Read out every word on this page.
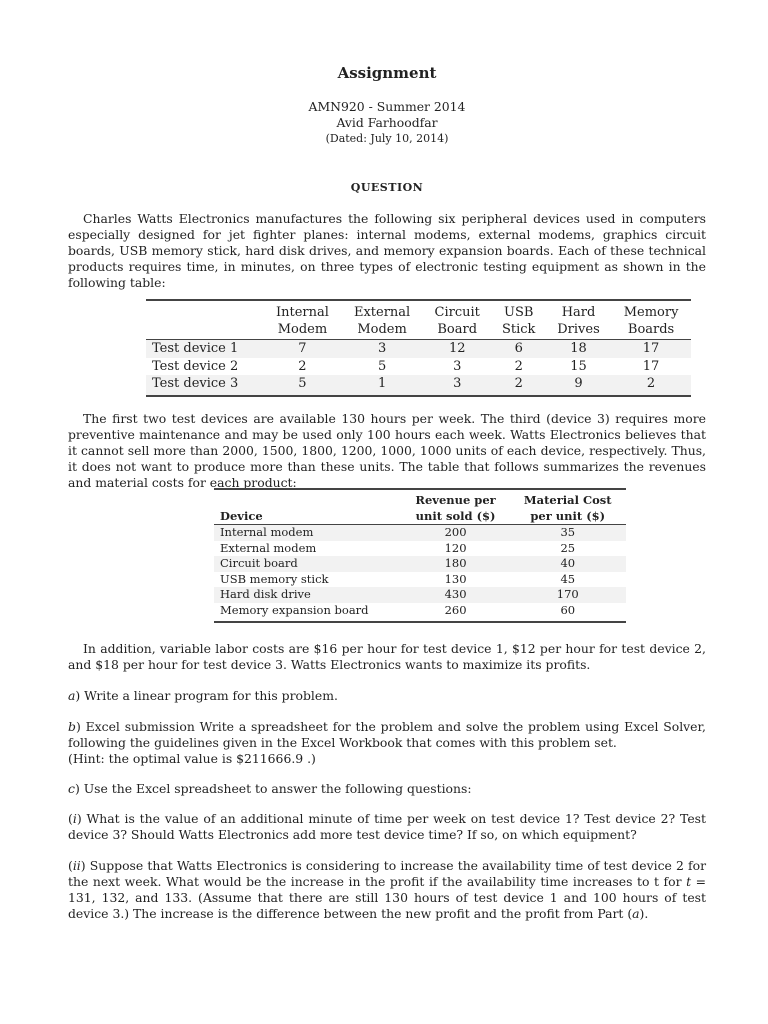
Assignment
AMN920 - Summer 2014
Avid Farhoodfar
(Dated: July 10, 2014)
QUESTION

Charles Watts Electronics manufactures the following six peripheral devices used in computers especially designed for jet fighter planes: internal modems, external modems, graphics circuit boards, USB memory stick, hard disk drives, and memory expansion boards. Each of these technical products requires time, in minutes, on three types of electronic testing equipment as shown in the following table:

	Internal	External	Circuit	USB	Hard	Memory
	Modem	Modem	Board	Stick	Drives	Boards
Test device 1	7	3	12	6	18	17
Test device 2	2	5	3	2	15	17
Test device 3	5	1	3	2	9	2

The first two test devices are available 130 hours per week. The third (device 3) requires more preventive maintenance and may be used only 100 hours each week. Watts Electronics believes that it cannot sell more than 2000, 1500, 1800, 1200, 1000, 1000 units of each device, respectively. Thus, it does not want to produce more than these units. The table that follows summarizes the revenues and material costs for each product:

	Revenue per	Material Cost
Device	unit sold ($)	per unit ($)
Internal modem	200	35
External modem	120	25
Circuit board	180	40
USB memory stick	130	45
Hard disk drive	430	170
Memory expansion board	260	60

In addition, variable labor costs are $16 per hour for test device 1, $12 per hour for test device 2, and $18 per hour for test device 3. Watts Electronics wants to maximize its profits.

a) Write a linear program for this problem.

b) Excel submission Write a spreadsheet for the problem and solve the problem using Excel Solver, following the guidelines given in the Excel Workbook that comes with this problem set.
(Hint: the optimal value is $211666.9 .)

c) Use the Excel spreadsheet to answer the following questions:

(i) What is the value of an additional minute of time per week on test device 1? Test device 2? Test device 3? Should Watts Electronics add more test device time? If so, on which equipment?

(ii) Suppose that Watts Electronics is considering to increase the availability time of test device 2 for the next week. What would be the increase in the profit if the availability time increases to t for t = 131, 132, and 133. (Assume that there are still 130 hours of test device 1 and 100 hours of test device 3.) The increase is the difference between the new profit and the profit from Part (a).
